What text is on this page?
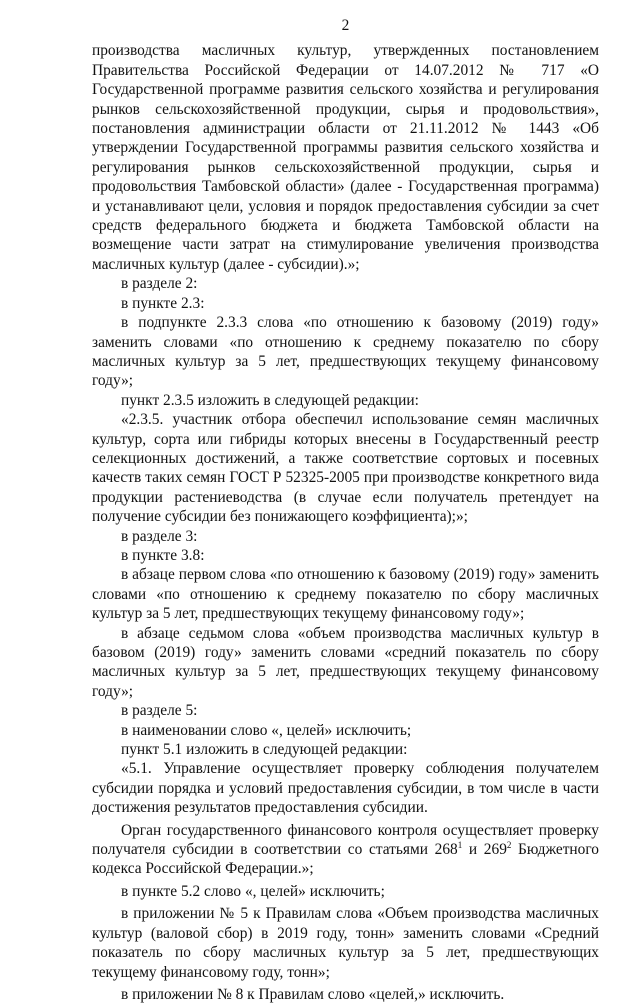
2

производства масличных культур, утвержденных постановлением Правительства Российской Федерации от 14.07.2012 № 717 «О Государственной программе развития сельского хозяйства и регулирования рынков сельскохозяйственной продукции, сырья и продовольствия», постановления администрации области от 21.11.2012 № 1443 «Об утверждении Государственной программы развития сельского хозяйства и регулирования рынков сельскохозяйственной продукции, сырья и продовольствия Тамбовской области» (далее - Государственная программа) и устанавливают цели, условия и порядок предоставления субсидии за счет средств федерального бюджета и бюджета Тамбовской области на возмещение части затрат на стимулирование увеличения производства масличных культур (далее - субсидии).»;

в разделе 2:

в пункте 2.3:

в подпункте 2.3.3 слова «по отношению к базовому (2019) году» заменить словами «по отношению к среднему показателю по сбору масличных культур за 5 лет, предшествующих текущему финансовому году»;

пункт 2.3.5 изложить в следующей редакции:

«2.3.5. участник отбора обеспечил использование семян масличных культур, сорта или гибриды которых внесены в Государственный реестр селекционных достижений, а также соответствие сортовых и посевных качеств таких семян ГОСТ Р 52325-2005 при производстве конкретного вида продукции растениеводства (в случае если получатель претендует на получение субсидии без понижающего коэффициента);»;

в разделе 3:

в пункте 3.8:

в абзаце первом слова «по отношению к базовому (2019) году» заменить словами «по отношению к среднему показателю по сбору масличных культур за 5 лет, предшествующих текущему финансовому году»;

в абзаце седьмом слова «объем производства масличных культур в базовом (2019) году» заменить словами «средний показатель по сбору масличных культур за 5 лет, предшествующих текущему финансовому году»;

в разделе 5:

в наименовании слово «, целей» исключить;

пункт 5.1 изложить в следующей редакции:

«5.1. Управление осуществляет проверку соблюдения получателем субсидии порядка и условий предоставления субсидии, в том числе в части достижения результатов предоставления субсидии.

Орган государственного финансового контроля осуществляет проверку получателя субсидии в соответствии со статьями $268^1$ и $269^2$ Бюджетного кодекса Российской Федерации.»;

в пункте 5.2 слово «, целей» исключить;

в приложении № 5 к Правилам слова «Объем производства масличных культур (валовой сбор) в 2019 году, тонн» заменить словами «Средний показатель по сбору масличных культур за 5 лет, предшествующих текущему финансовому году, тонн»;

в приложении № 8 к Правилам слово «целей,» исключить.
